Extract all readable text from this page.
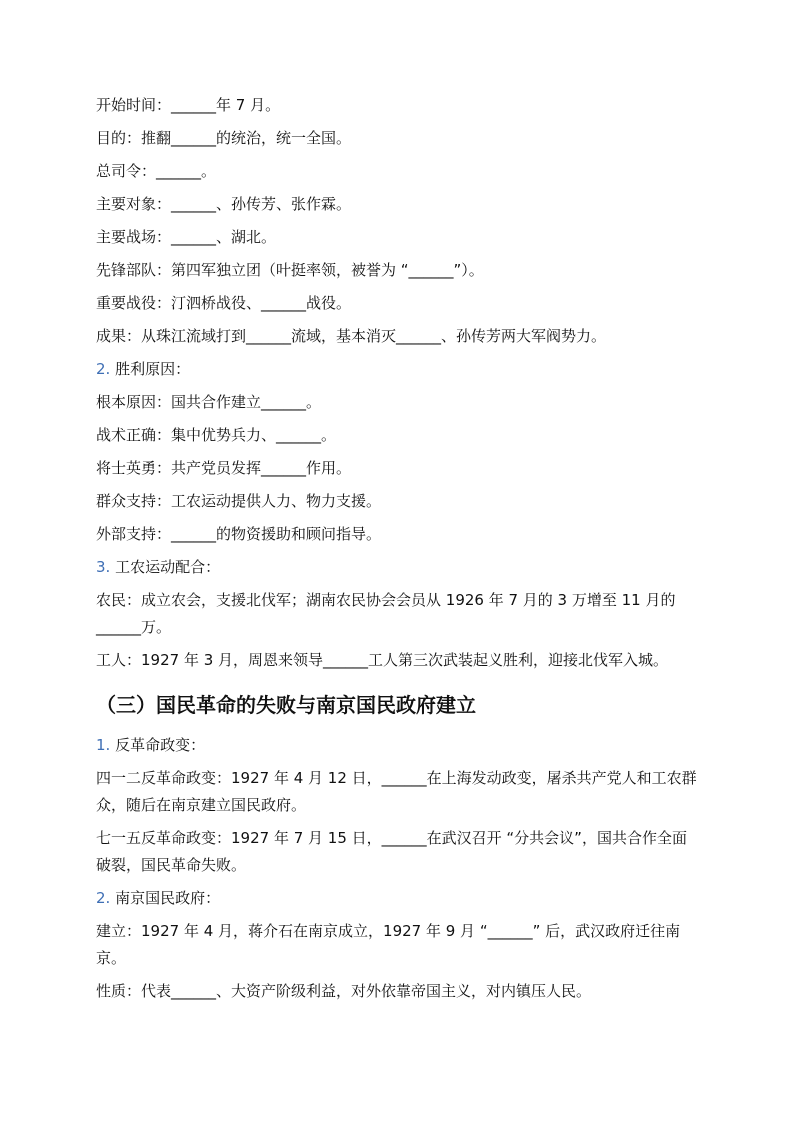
开始时间：______年 7 月。
目的：推翻______的统治，统一全国。
总司令：______。
主要对象：______、孙传芳、张作霖。
主要战场：______、湖北。
先锋部队：第四军独立团（叶挺率领，被誉为 “______”）。
重要战役：汀泗桥战役、______战役。
成果：从珠江流域打到______流域，基本消灭______、孙传芳两大军阀势力。
2. 胜利原因：
根本原因：国共合作建立______。
战术正确：集中优势兵力、______。
将士英勇：共产党员发挥______作用。
群众支持：工农运动提供人力、物力支援。
外部支持：______的物资援助和顾问指导。
3. 工农运动配合：
农民：成立农会，支援北伐军；湖南农民协会会员从 1926 年 7 月的 3 万增至 11 月的______万。
工人：1927 年 3 月，周恩来领导______工人第三次武装起义胜利，迎接北伐军入城。
（三）国民革命的失败与南京国民政府建立
1. 反革命政变：
四一二反革命政变：1927 年 4 月 12 日，______在上海发动政变，屠杀共产党人和工农群众，随后在南京建立国民政府。
七一五反革命政变：1927 年 7 月 15 日，______在武汉召开 “分共会议”，国共合作全面破裂，国民革命失败。
2. 南京国民政府：
建立：1927 年 4 月，蒋介石在南京成立，1927 年 9 月 “______” 后，武汉政府迁往南京。
性质：代表______、大资产阶级利益，对外依靠帝国主义，对内镇压人民。
